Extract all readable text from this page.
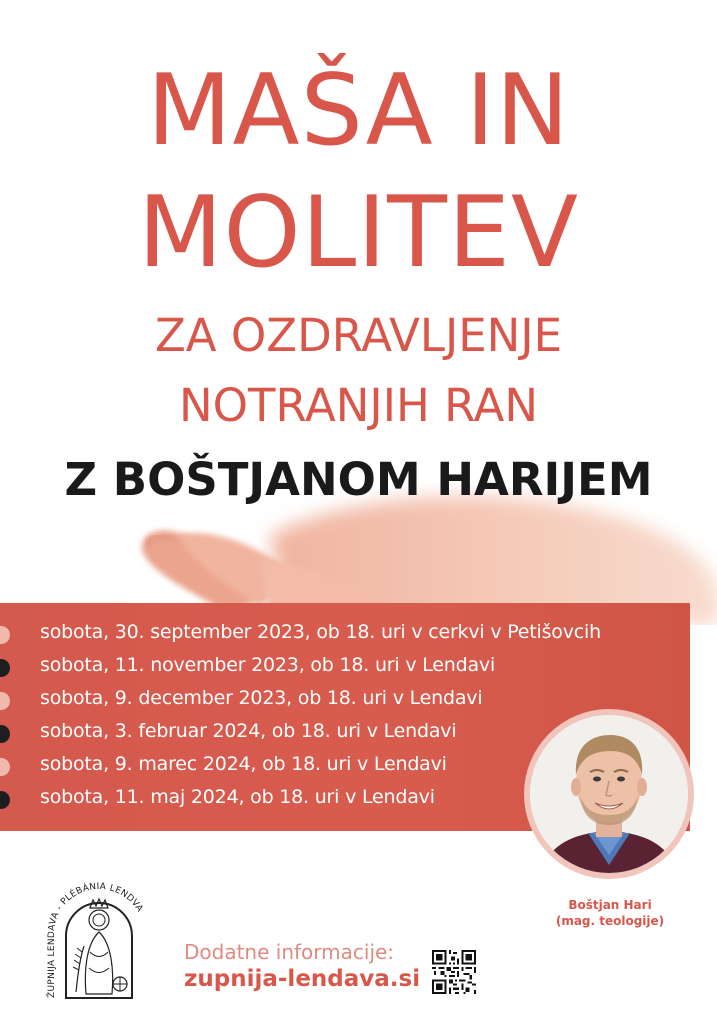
MAŠA IN
MOLITEV
ZA OZDRAVLJENJE
NOTRANJIH RAN
Z BOŠTJANOM HARIJEM
sobota, 30. september 2023, ob 18. uri v cerkvi v Petišovcih
sobota, 11. november 2023, ob 18. uri v Lendavi
sobota, 9. december 2023, ob 18. uri v Lendavi
sobota, 3. februar 2024, ob 18. uri v Lendavi
sobota, 9. marec 2024, ob 18. uri v Lendavi
sobota, 11. maj 2024, ob 18. uri v Lendavi
Boštjan Hari
(mag. teologije)
ŽUPNIJA LENDAVA - PLÉBÁNIA LENDVA
Dodatne informacije:
zupnija-lendava.si
